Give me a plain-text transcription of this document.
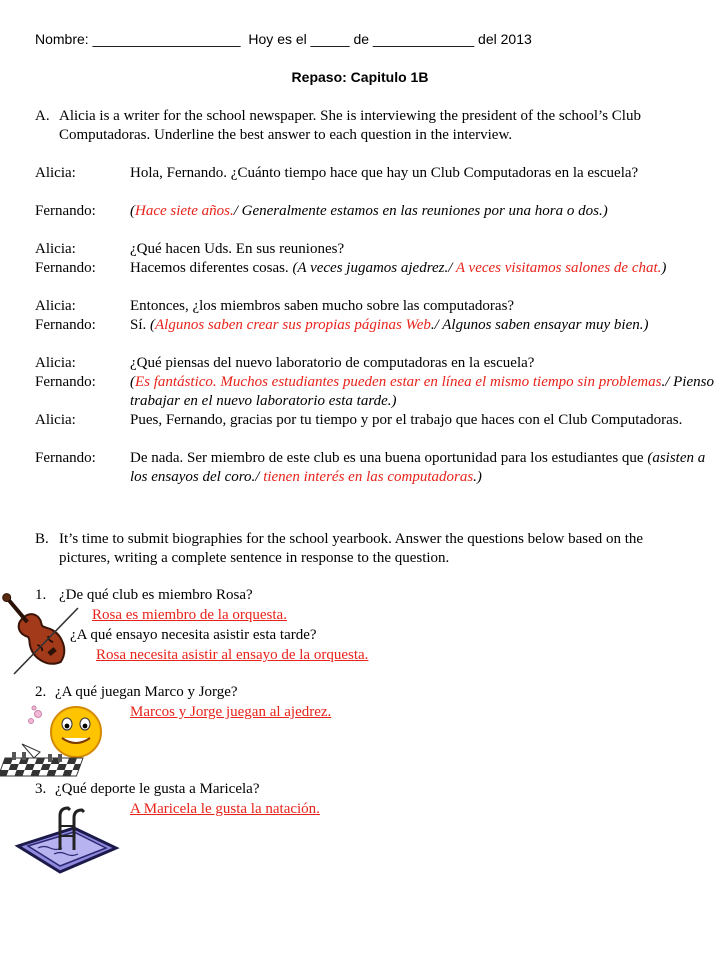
Nombre: ___________________ Hoy es el _____ de _____________ del 2013
Repaso: Capitulo 1B
A. Alicia is a writer for the school newspaper. She is interviewing the president of the school’s Club Computadoras. Underline the best answer to each question in the interview.
Alicia:	Hola, Fernando. ¿Cuánto tiempo hace que hay un Club Computadoras en la escuela?
Fernando: (Hace siete años./ Generalmente estamos en las reuniones por una hora o dos.)
Alicia:	¿Qué hacen Uds. En sus reuniones?
Fernando: Hacemos diferentes cosas. (A veces jugamos ajedrez./ A veces visitamos salones de chat.)
Alicia:	Entonces, ¿los miembros saben mucho sobre las computadoras?
Fernando: Sí. (Algunos saben crear sus propias páginas Web./ Algunos saben ensayar muy bien.)
Alicia:	¿Qué piensas del nuevo laboratorio de computadoras en la escuela?
Fernando: (Es fantástico. Muchos estudiantes pueden estar en línea el mismo tiempo sin problemas./ Pienso trabajar en el nuevo laboratorio esta tarde.)
Alicia:	Pues, Fernando, gracias por tu tiempo y por el trabajo que haces con el Club Computadoras.
Fernando: De nada. Ser miembro de este club es una buena oportunidad para los estudiantes que (asisten a los ensayos del coro./ tienen interés en las computadoras.)
B. It’s time to submit biographies for the school yearbook. Answer the questions below based on the pictures, writing a complete sentence in response to the question.
1. ¿De qué club es miembro Rosa?
Rosa es miembro de la orquesta.
¿A qué ensayo necesita asistir esta tarde?
Rosa necesita asistir al ensayo de la orquesta.
2. ¿A qué juegan Marco y Jorge?
Marcos y Jorge juegan al ajedrez.
3. ¿Qué deporte le gusta a Maricela?
A Maricela le gusta la natación.
